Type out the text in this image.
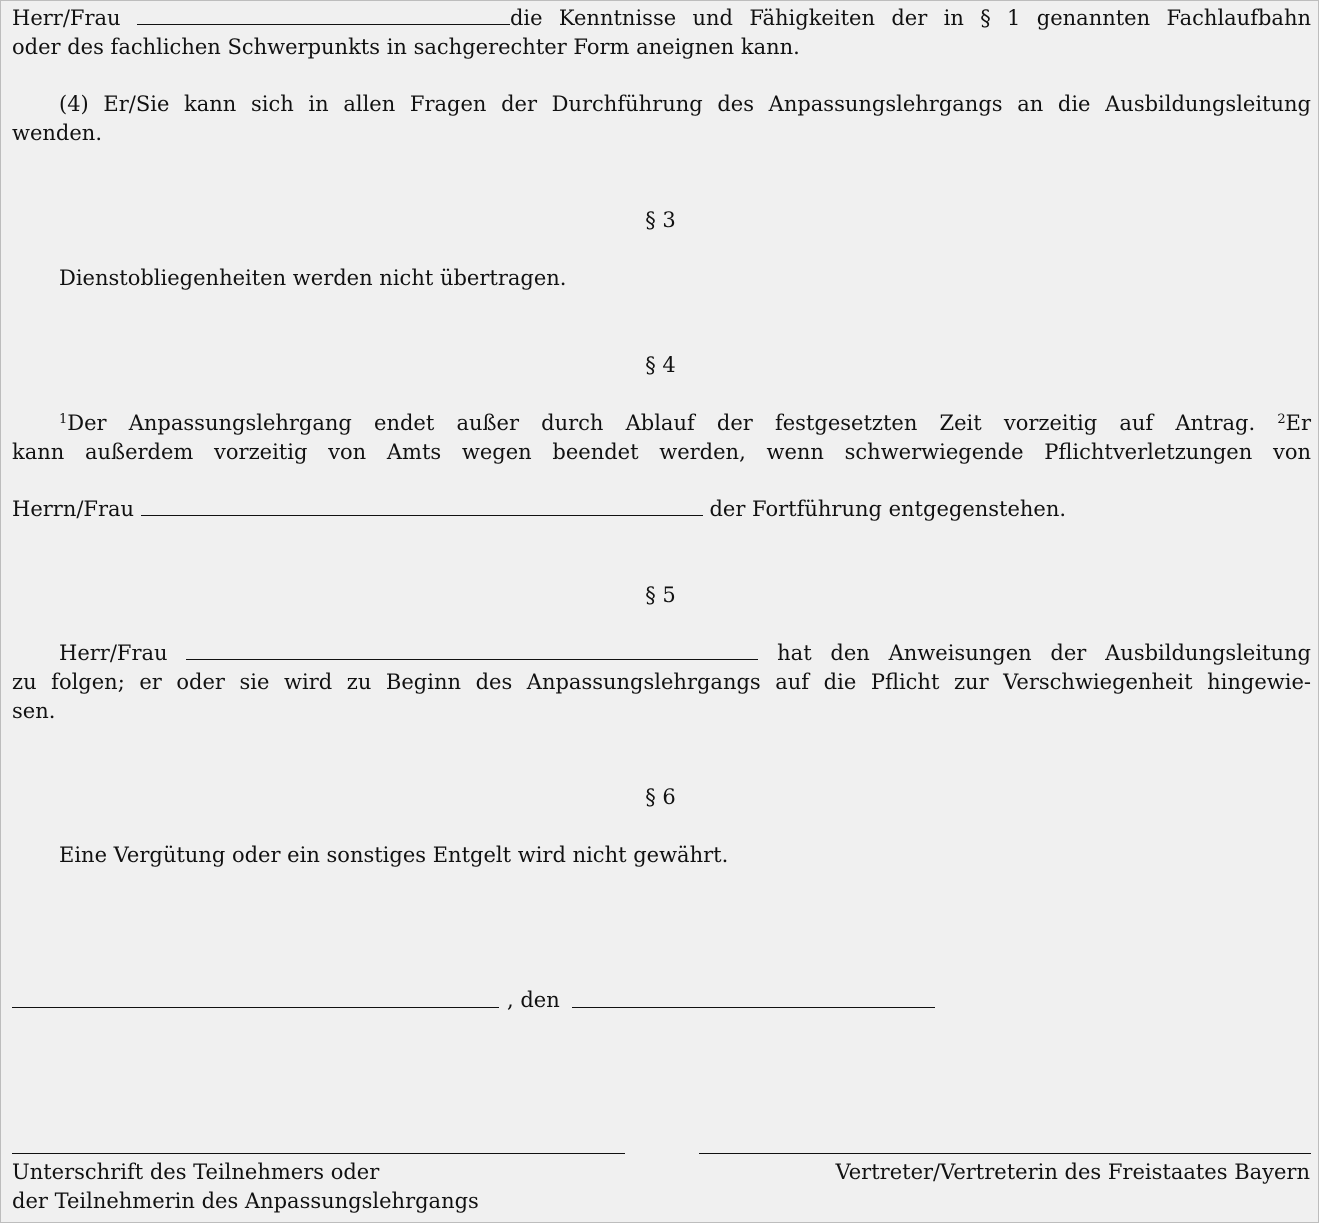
Herr/Frau	die Kenntnisse und Fähigkeiten der in § 1 genannten Fachlaufbahn
oder des fachlichen Schwerpunkts in sachgerechter Form aneignen kann.
(4) Er/Sie kann sich in allen Fragen der Durchführung des Anpassungslehrgangs an die Ausbildungsleitung
wenden.
§ 3
Dienstobliegenheiten werden nicht übertragen.
§ 4
$^1$Der Anpassungslehrgang endet außer durch Ablauf der festgesetzten Zeit vorzeitig auf Antrag. $^2$Er
kann außerdem vorzeitig von Amts wegen beendet werden, wenn schwerwiegende Pflichtverletzungen von
Herrn/Frau	der Fortführung entgegenstehen.
§ 5
Herr/Frau	hat den Anweisungen der Ausbildungsleitung
zu folgen; er oder sie wird zu Beginn des Anpassungslehrgangs auf die Pflicht zur Verschwiegenheit hingewie-
sen.
§ 6
Eine Vergütung oder ein sonstiges Entgelt wird nicht gewährt.
, den
Unterschrift des Teilnehmers oder
der Teilnehmerin des Anpassungslehrgangs
Vertreter/Vertreterin des Freistaates Bayern
